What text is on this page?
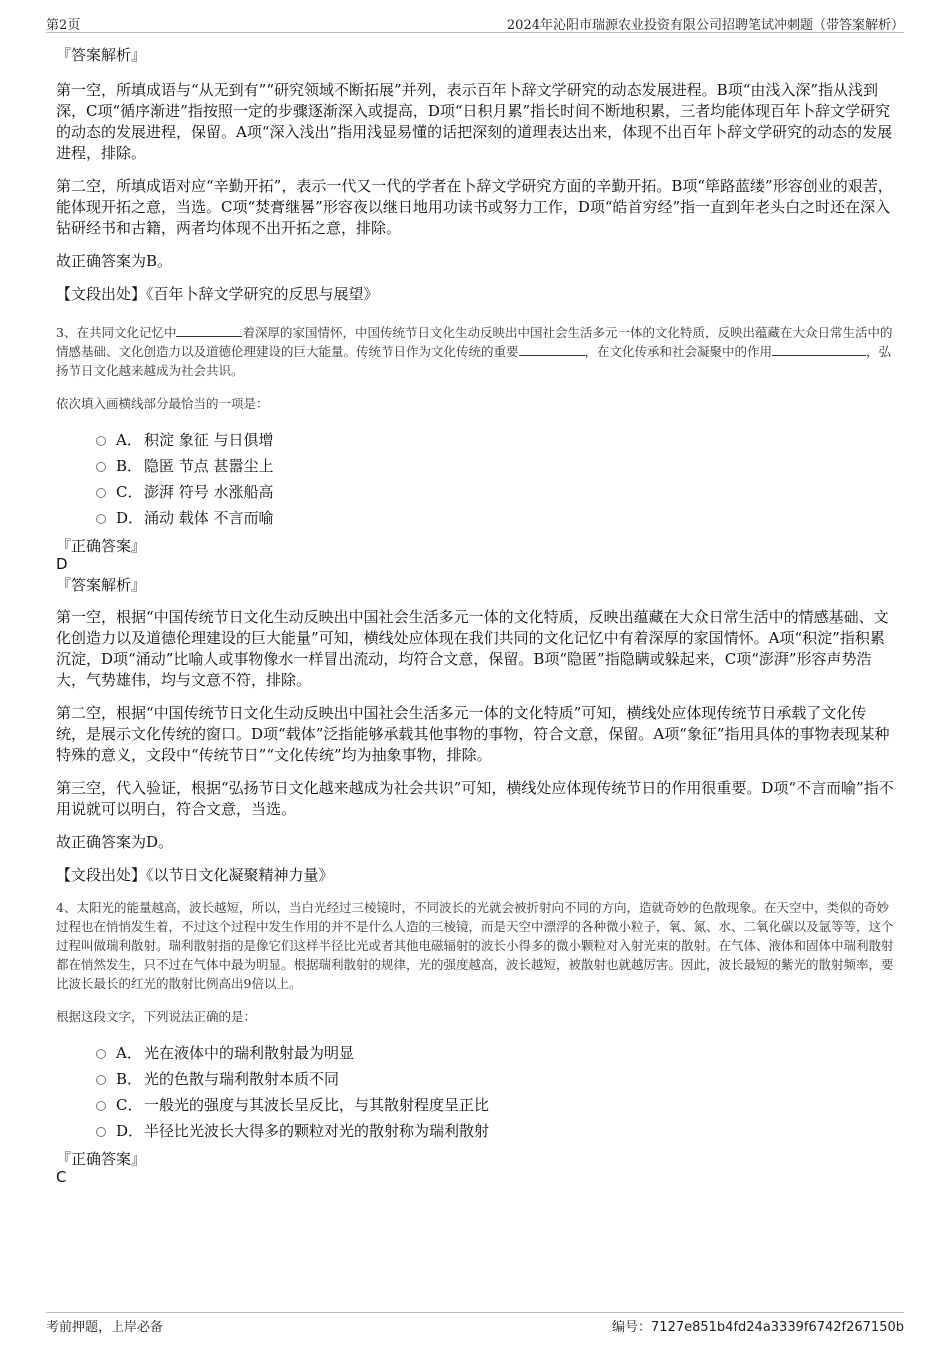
第2页	2024年沁阳市瑞源农业投资有限公司招聘笔试冲刺题（带答案解析）

『答案解析』

第一空，所填成语与“从无到有”“研究领域不断拓展”并列，表示百年卜辞文学研究的动态发展进程。B项“由浅入深”指从浅到深，C项“循序渐进”指按照一定的步骤逐渐深入或提高，D项“日积月累”指长时间不断地积累，三者均能体现百年卜辞文学研究的动态的发展进程，保留。A项“深入浅出”指用浅显易懂的话把深刻的道理表达出来，体现不出百年卜辞文学研究的动态的发展进程，排除。

第二空，所填成语对应“辛勤开拓”，表示一代又一代的学者在卜辞文学研究方面的辛勤开拓。B项“筚路蓝缕”形容创业的艰苦，能体现开拓之意，当选。C项“焚膏继晷”形容夜以继日地用功读书或努力工作，D项“皓首穷经”指一直到年老头白之时还在深入钻研经书和古籍，两者均体现不出开拓之意，排除。

故正确答案为B。

【文段出处】《百年卜辞文学研究的反思与展望》

3、在共同文化记忆中	着深厚的家国情怀，中国传统节日文化生动反映出中国社会生活多元一体的文化特质，反映出蕴藏在大众日常生活中的情感基础、文化创造力以及道德伦理建设的巨大能量。传统节日作为文化传统的重要	，在文化传承和社会凝聚中的作用	，弘扬节日文化越来越成为社会共识。

依次填入画横线部分最恰当的一项是：

A． 积淀 象征 与日俱增
B． 隐匿 节点 甚嚣尘上
C． 澎湃 符号 水涨船高
D． 涌动 载体 不言而喻

『正确答案』

D

『答案解析』

第一空，根据“中国传统节日文化生动反映出中国社会生活多元一体的文化特质，反映出蕴藏在大众日常生活中的情感基础、文化创造力以及道德伦理建设的巨大能量”可知，横线处应体现在我们共同的文化记忆中有着深厚的家国情怀。A项“积淀”指积累沉淀，D项“涌动”比喻人或事物像水一样冒出流动，均符合文意，保留。B项“隐匿”指隐瞒或躲起来，C项“澎湃”形容声势浩大，气势雄伟，均与文意不符，排除。

第二空，根据“中国传统节日文化生动反映出中国社会生活多元一体的文化特质”可知，横线处应体现传统节日承载了文化传统，是展示文化传统的窗口。D项“载体”泛指能够承载其他事物的事物，符合文意，保留。A项“象征”指用具体的事物表现某种特殊的意义，文段中“传统节日”“文化传统”均为抽象事物，排除。

第三空，代入验证，根据“弘扬节日文化越来越成为社会共识”可知，横线处应体现传统节日的作用很重要。D项“不言而喻”指不用说就可以明白，符合文意，当选。

故正确答案为D。

【文段出处】《以节日文化凝聚精神力量》

4、太阳光的能量越高，波长越短，所以，当白光经过三棱镜时，不同波长的光就会被折射向不同的方向，造就奇妙的色散现象。在天空中，类似的奇妙过程也在悄悄发生着，不过这个过程中发生作用的并不是什么人造的三棱镜，而是天空中漂浮的各种微小粒子，氧、氮、水、二氧化碳以及氩等等，这个过程叫做瑞利散射。瑞利散射指的是像它们这样半径比光或者其他电磁辐射的波长小得多的微小颗粒对入射光束的散射。在气体、液体和固体中瑞利散射都在悄然发生，只不过在气体中最为明显。根据瑞利散射的规律，光的强度越高，波长越短，被散射也就越厉害。因此，波长最短的紫光的散射频率，要比波长最长的红光的散射比例高出9倍以上。

根据这段文字，下列说法正确的是：

A． 光在液体中的瑞利散射最为明显
B． 光的色散与瑞利散射本质不同
C． 一般光的强度与其波长呈反比，与其散射程度呈正比
D． 半径比光波长大得多的颗粒对光的散射称为瑞利散射

『正确答案』

C

考前押题，上岸必备	编号：7127e851b4fd24a3339f6742f267150b
